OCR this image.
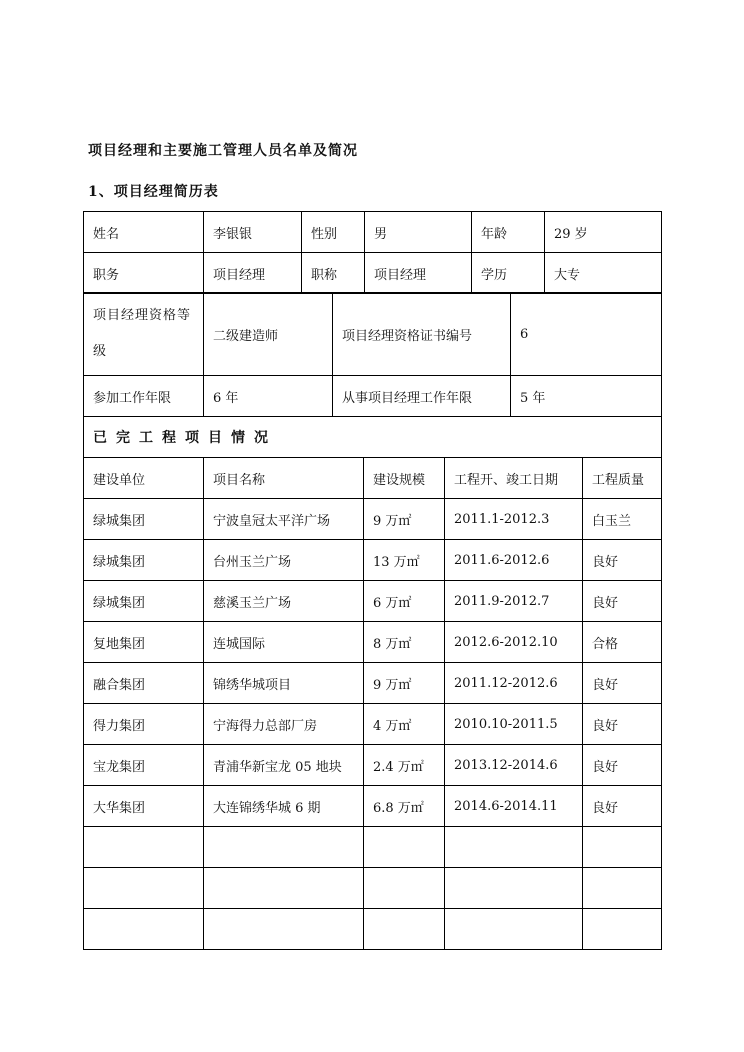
项目经理和主要施工管理人员名单及简况
1、项目经理简历表
姓名	李银银	性别	男	年龄	29 岁
职务	项目经理	职称	项目经理	学历	大专
项目经理资格等级	二级建造师	项目经理资格证书编号	6
参加工作年限	6 年	从事项目经理工作年限	5 年
已完工程项目情况				
建设单位	项目名称	建设规模	工程开、竣工日期	工程质量
绿城集团	宁波皇冠太平洋广场	9 万㎡	2011.1-2012.3	白玉兰
绿城集团	台州玉兰广场	13 万㎡	2011.6-2012.6	良好
绿城集团	慈溪玉兰广场	6 万㎡	2011.9-2012.7	良好
复地集团	连城国际	8 万㎡	2012.6-2012.10	合格
融合集团	锦绣华城项目	9 万㎡	2011.12-2012.6	良好
得力集团	宁海得力总部厂房	4 万㎡	2010.10-2011.5	良好
宝龙集团	青浦华新宝龙 05 地块	2.4 万㎡	2013.12-2014.6	良好
大华集团	大连锦绣华城 6 期	6.8 万㎡	2014.6-2014.11	良好
